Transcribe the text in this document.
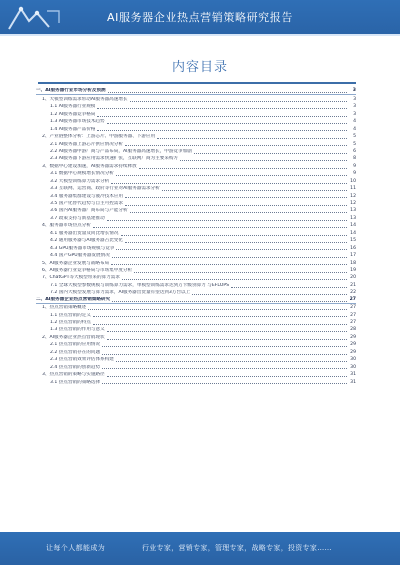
AI服务器企业热点营销策略研究报告
内容目录
一、AI服务器行业市场分析及预测	3
1、大模型训练需求带动AI服务器高速增长	3
1.1 AI服务器行业规模	3
1.2 AI服务器竞争格局	3
1.3 AI服务器市场技术趋势	4
1.4 AI服务器产品价格	4
2、产业链整体分析：上游芯片、中游服务器、下游应用	5
2.1 AI服务器上游芯片供应情况分析	5
2.2 AI服务器中游厂商与产品布局，AI服务器高速增长，中游竞争加剧	6
2.3 AI服务器下游应用需求快速扩张，互联网厂商为主要采购方	8
3、数据中心建设加速，AI服务器需求持续释放	9
3.1 数据中心规模增长情况分析	9
3.2 大模型训练算力需求分析	10
3.3 互联网、运营商、政府等行业对AI服务器需求分析	11
3.4 服务器集群建设与液冷技术应用	12
3.5 国产化替代趋势与自主可控需求	12
3.6 国内AI服务器厂商布局与产能分析	13
3.7 政策支持与新基建推动	13
4、服务器市场热点分析	14
4.1 服务器出货量及同比增长情况	14
4.2 通用服务器与AI服务器占比变化	15
4.3 GPU服务器市场规模与竞争	16
4.4 国产GPU服务器发展情况	17
5、AI服务器企业发展与战略布局	18
6、AI服务器行业竞争格局与市场集中度分析	19
7、ChatGPT等大模型带来的算力需求	20
7.1 全球大模型参数规模与训练算力需求，单模型训练需求达到万卡级别算力 与EFLOPS	21
7.2 国内大模型发展与算力需求，AI服务器出货量有望达到3万台以上	22
二、AI服务器企业热点营销策略研究	27
1、热点营销策略概述	27
1.1 热点营销的定义	27
1.2 热点营销的特点	27
1.3 热点营销的作用与意义	28
2、AI服务器企业热点营销现状	29
2.1 热点营销的应用情况	29
2.2 热点营销存在的问题	29
2.3 热点营销效果评估体系构建	30
2.4 热点营销的创新趋势	30
3、热点营销的策略与实施路径	31
3.1 热点营销的策略选择	31
让每个人都能成为	行业专家，营销专家，管理专家，战略专家，投资专家……
